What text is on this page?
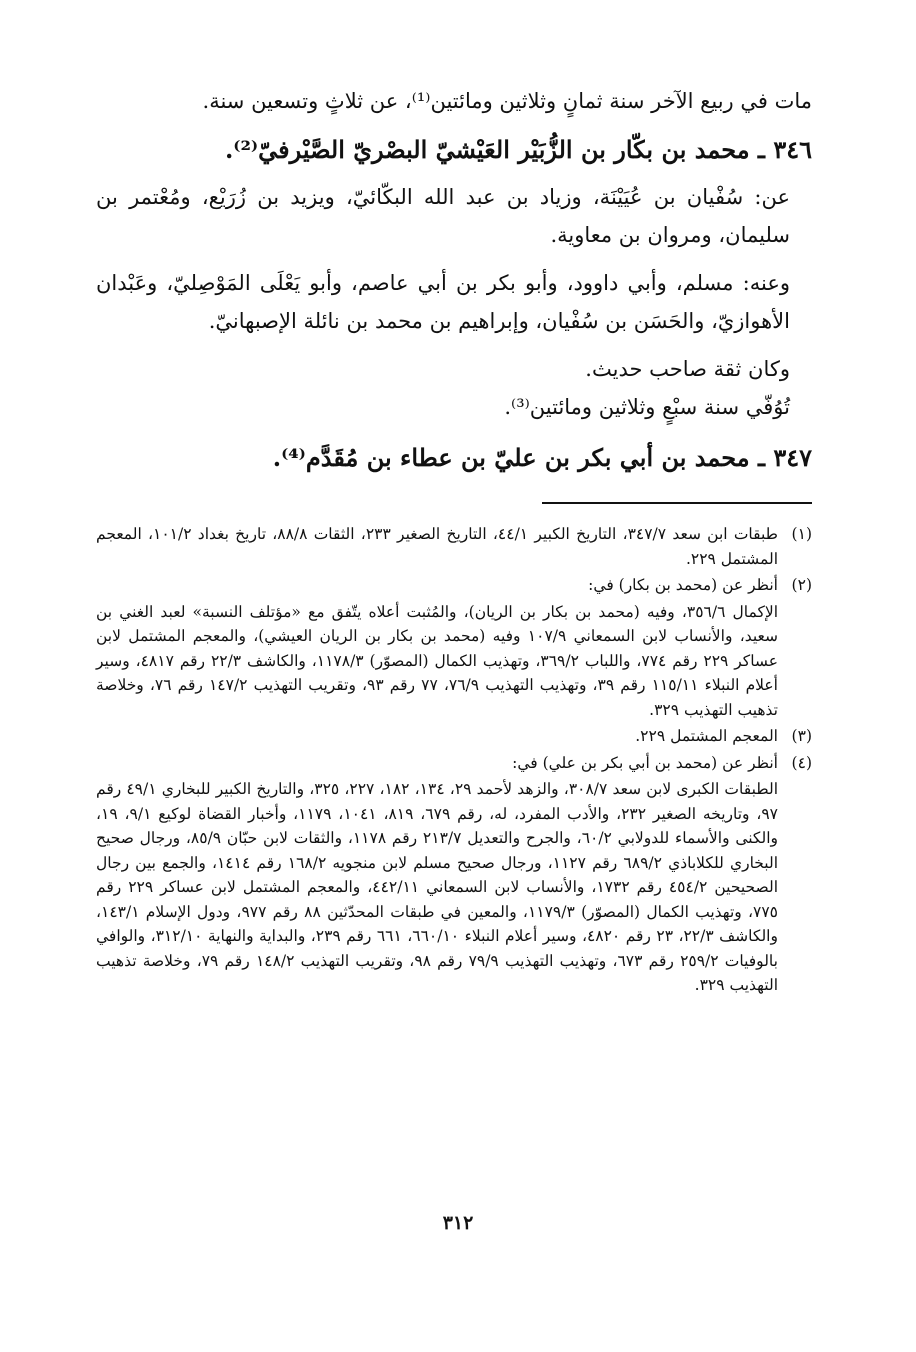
مات في ربيع الآخر سنة ثمانٍ وثلاثين ومائتين⁽¹⁾، عن ثلاثٍ وتسعين سنة.

٣٤٦ ـ محمد بن بكّار بن الزُّبَيْر العَيْشيّ البصْريّ الصَّيْرفيّ⁽²⁾.

عن: سُفْيان بن عُيَيْنَة، وزياد بن عبد الله البكّائيّ، ويزيد بن زُرَيْع، ومُعْتمر بن سليمان، ومروان بن معاوية.

وعنه: مسلم، وأبي داوود، وأبو بكر بن أبي عاصم، وأبو يَعْلَى المَوْصِليّ، وعَبْدان الأهوازيّ، والحَسَن بن سُفْيان، وإبراهيم بن محمد بن نائلة الإصبهانيّ.

وكان ثقة صاحب حديث.

تُوُفّي سنة سبْعٍ وثلاثين ومائتين⁽³⁾.

٣٤٧ ـ محمد بن أبي بكر بن عليّ بن عطاء بن مُقَدَّم⁽⁴⁾.
(١)
طبقات ابن سعد ٣٤٧/٧، التاريخ الكبير ٤٤/١، التاريخ الصغير ٢٣٣، الثقات ٨٨/٨، تاريخ بغداد ١٠١/٢، المعجم المشتمل ٢٢٩.
(٢)
أنظر عن (محمد بن بكار) في:
الإكمال ٣٥٦/٦، وفيه (محمد بن بكار بن الريان)، والمُثبت أعلاه يتّفق مع «مؤتلف النسبة» لعبد الغني بن سعيد، والأنساب لابن السمعاني ١٠٧/٩ وفيه (محمد بن بكار بن الريان العيشي)، والمعجم المشتمل لابن عساكر ٢٢٩ رقم ٧٧٤، واللباب ٣٦٩/٢، وتهذيب الكمال (المصوّر) ١١٧٨/٣، والكاشف ٢٢/٣ رقم ٤٨١٧، وسير أعلام النبلاء ١١٥/١١ رقم ٣٩، وتهذيب التهذيب ٧٦/٩، ٧٧ رقم ٩٣، وتقريب التهذيب ١٤٧/٢ رقم ٧٦، وخلاصة تذهيب التهذيب ٣٢٩.
(٣)
المعجم المشتمل ٢٢٩.
(٤)
أنظر عن (محمد بن أبي بكر بن علي) في:
الطبقات الكبرى لابن سعد ٣٠٨/٧، والزهد لأحمد ٢٩، ١٣٤، ١٨٢، ٢٢٧، ٣٢٥، والتاريخ الكبير للبخاري ٤٩/١ رقم ٩٧، وتاريخه الصغير ٢٣٢، والأدب المفرد، له، رقم ٦٧٩، ٨١٩، ١٠٤١، ١١٧٩، وأخبار القضاة لوكيع ٩/١، ١٩، والكنى والأسماء للدولابي ٦٠/٢، والجرح والتعديل ٢١٣/٧ رقم ١١٧٨، والثقات لابن حبّان ٨٥/٩، ورجال صحيح البخاري للكلاباذي ٦٨٩/٢ رقم ١١٢٧، ورجال صحيح مسلم لابن منجويه ١٦٨/٢ رقم ١٤١٤، والجمع بين رجال الصحيحين ٤٥٤/٢ رقم ١٧٣٢، والأنساب لابن السمعاني ٤٤٢/١١، والمعجم المشتمل لابن عساكر ٢٢٩ رقم ٧٧٥، وتهذيب الكمال (المصوّر) ١١٧٩/٣، والمعين في طبقات المحدّثين ٨٨ رقم ٩٧٧، ودول الإسلام ١٤٣/١، والكاشف ٢٢/٣، ٢٣ رقم ٤٨٢٠، وسير أعلام النبلاء ٦٦٠/١٠، ٦٦١ رقم ٢٣٩، والبداية والنهاية ٣١٢/١٠، والوافي بالوفيات ٢٥٩/٢ رقم ٦٧٣، وتهذيب التهذيب ٧٩/٩ رقم ٩٨، وتقريب التهذيب ١٤٨/٢ رقم ٧٩، وخلاصة تذهيب التهذيب ٣٢٩.
٣١٢
